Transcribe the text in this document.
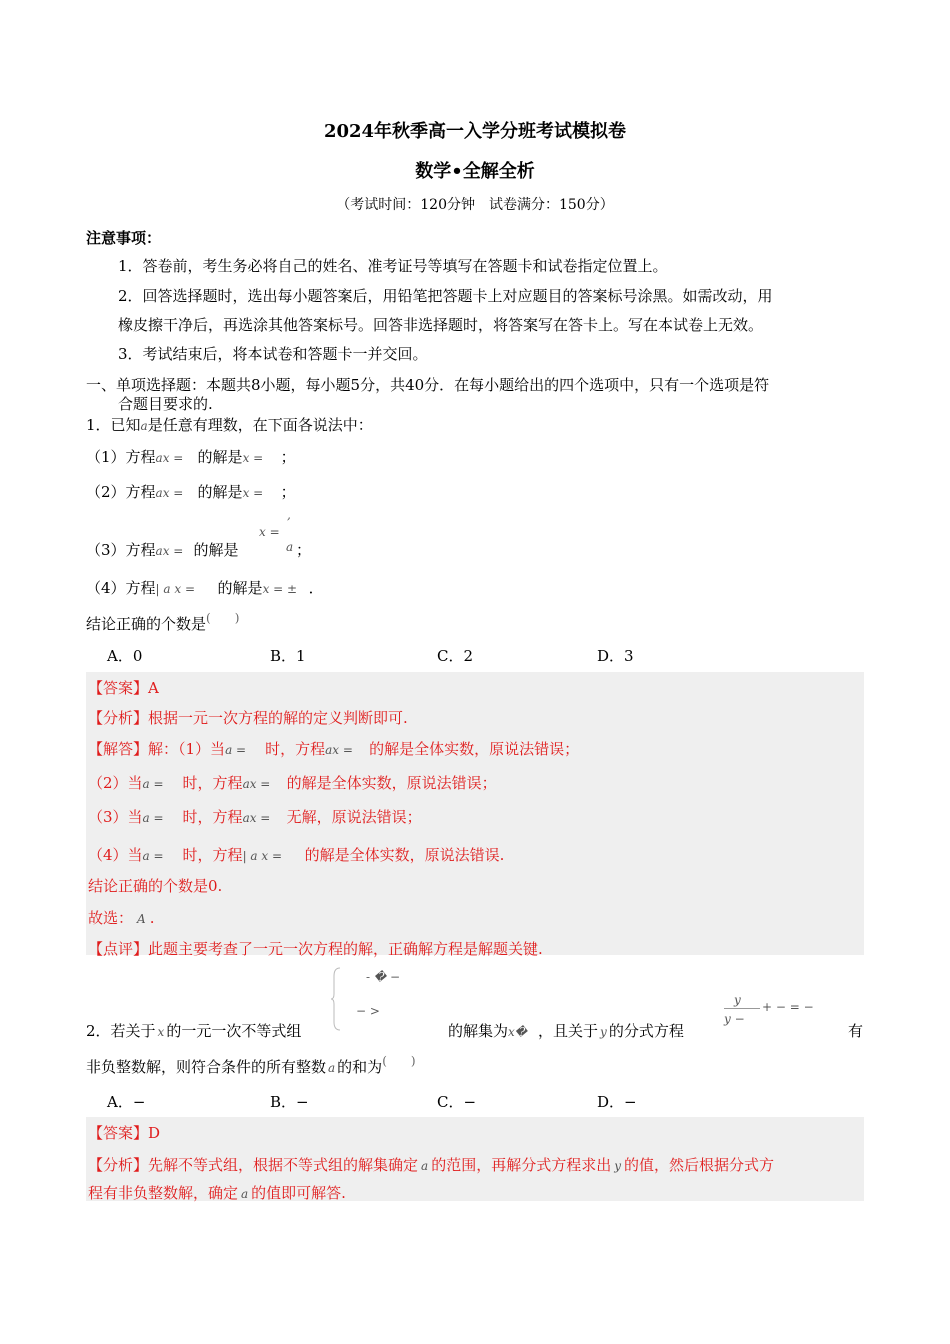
2024年秋季高一入学分班考试模拟卷
数学•全解全析
（考试时间：120分钟　试卷满分：150分）
注意事项：
1．答卷前，考生务必将自己的姓名、准考证号等填写在答题卡和试卷指定位置上。
2．回答选择题时，选出每小题答案后，用铅笔把答题卡上对应题目的答案标号涂黑。如需改动，用
橡皮擦干净后，再选涂其他答案标号。回答非选择题时，将答案写在答卡上。写在本试卷上无效。
3．考试结束后，将本试卷和答题卡一并交回。
一、单项选择题：本题共8小题，每小题5分，共40分．在每小题给出的四个选项中，只有一个选项是符
合题目要求的.
1．已知a是任意有理数，在下面各说法中：
（1）方程ax = 的解是x = ；
（2）方程ax = 的解是x = ；
,
x =
a
（3）方程ax = 的解是	；
（4）方程| a x = 的解是x = ± ．
结论正确的个数是(　　)
A．0	B．1	C．2	D．3
【答案】A
【分析】根据一元一次方程的解的定义判断即可.
【解答】解：（1）当a = 时，方程ax = 的解是全体实数，原说法错误；
（2）当a = 时，方程ax = 的解是全体实数，原说法错误；
（3）当a = 时，方程ax = 无解，原说法错误；
（4）当a = 时，方程| a x = 的解是全体实数，原说法错误.
结论正确的个数是0.
故选： A .
【点评】此题主要考查了一元一次方程的解，正确解方程是解题关键.
- � −
− >
y
y −
+ − = −
2．若关于 x 的一元一次不等式组	的解集为x� ，且关于 y 的分式方程	有
非负整数解，则符合条件的所有整数 a 的和为(　　)
A．−	B．−	C．−	D．−
【答案】D
【分析】先解不等式组，根据不等式组的解集确定 a 的范围，再解分式方程求出 y 的值，然后根据分式方
程有非负整数解，确定 a 的值即可解答.
